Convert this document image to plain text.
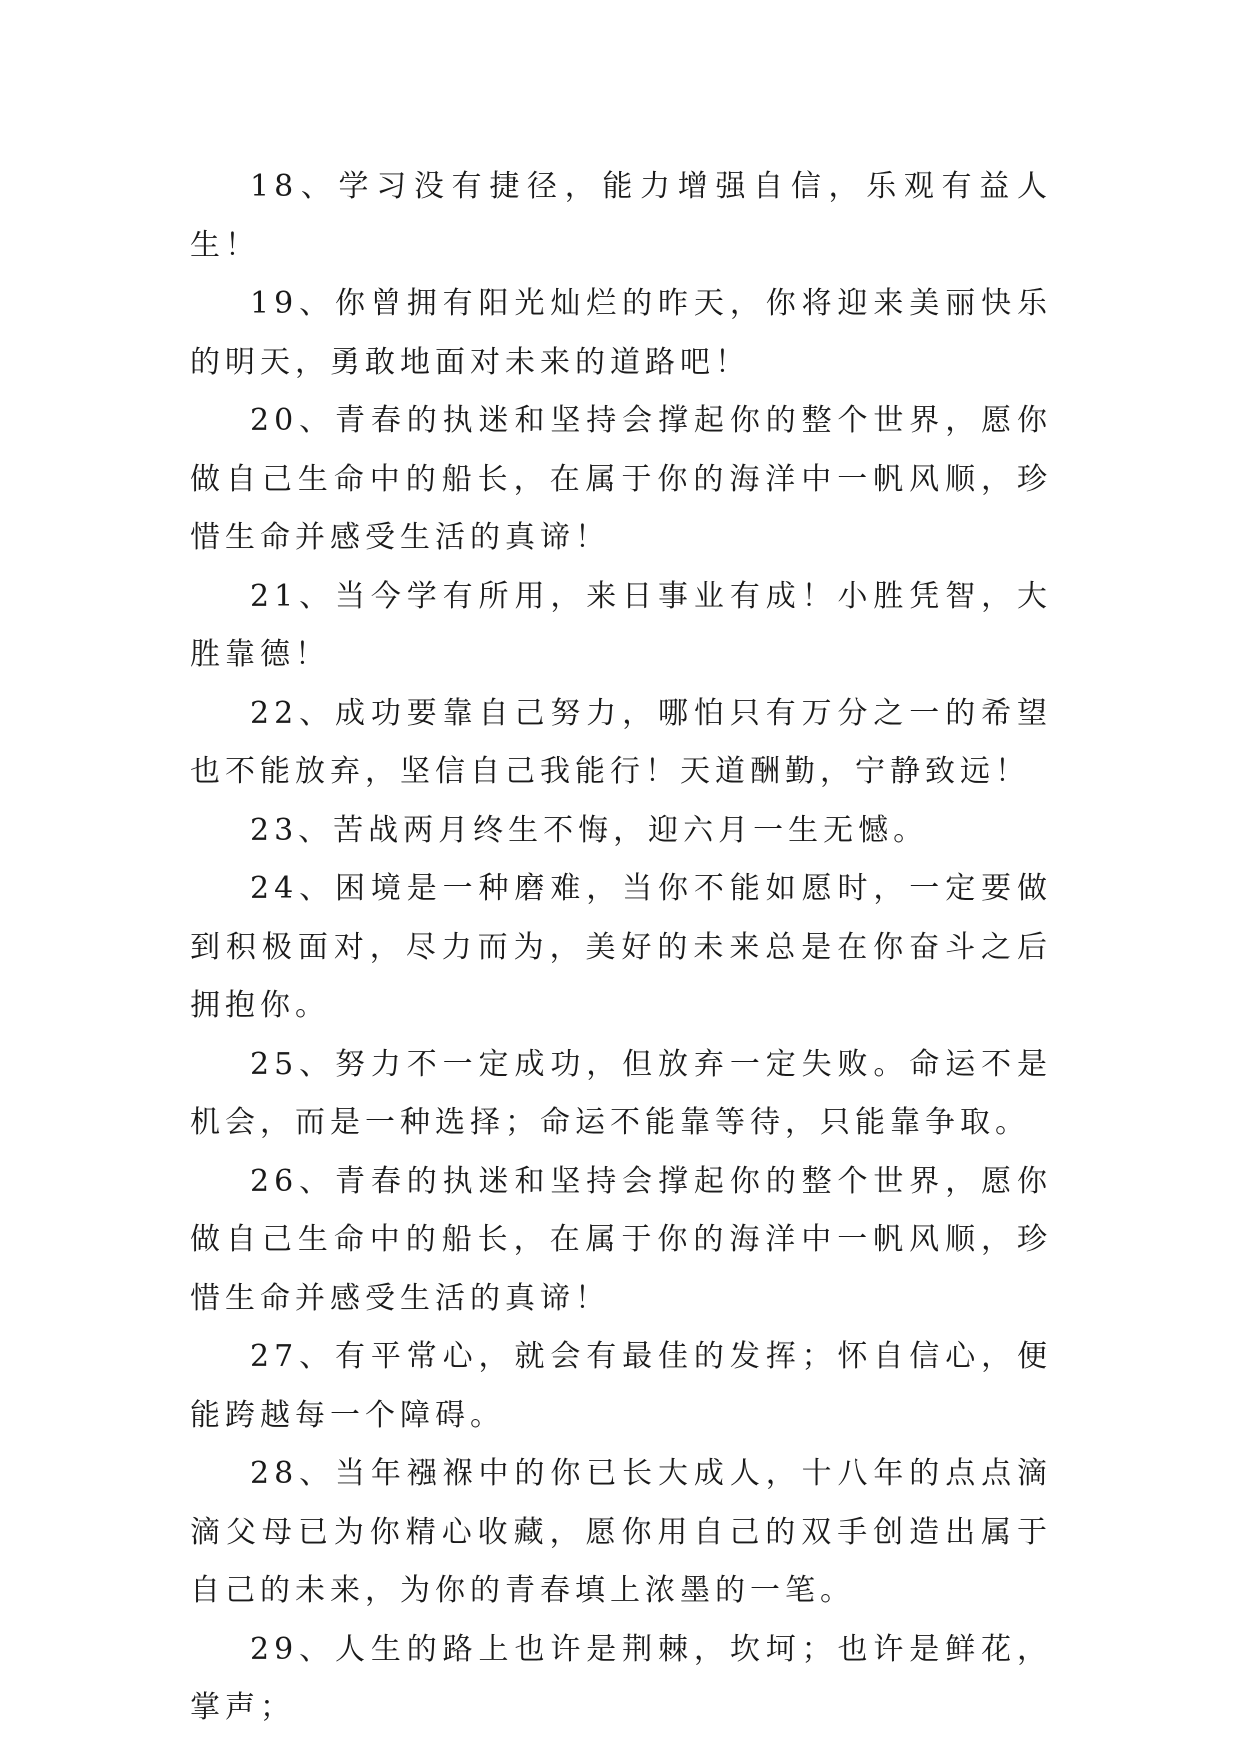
18、学习没有捷径，能力增强自信，乐观有益人生！

19、你曾拥有阳光灿烂的昨天，你将迎来美丽快乐的明天，勇敢地面对未来的道路吧！

20、青春的执迷和坚持会撑起你的整个世界，愿你做自己生命中的船长，在属于你的海洋中一帆风顺，珍惜生命并感受生活的真谛！

21、当今学有所用，来日事业有成！小胜凭智，大胜靠德！

22、成功要靠自己努力，哪怕只有万分之一的希望也不能放弃，坚信自己我能行！天道酬勤，宁静致远！

23、苦战两月终生不悔，迎六月一生无憾。

24、困境是一种磨难，当你不能如愿时，一定要做到积极面对，尽力而为，美好的未来总是在你奋斗之后拥抱你。

25、努力不一定成功，但放弃一定失败。命运不是机会，而是一种选择；命运不能靠等待，只能靠争取。

26、青春的执迷和坚持会撑起你的整个世界，愿你做自己生命中的船长，在属于你的海洋中一帆风顺，珍惜生命并感受生活的真谛！

27、有平常心，就会有最佳的发挥；怀自信心，便能跨越每一个障碍。

28、当年襁褓中的你已长大成人，十八年的点点滴滴父母已为你精心收藏，愿你用自己的双手创造出属于自己的未来，为你的青春填上浓墨的一笔。

29、人生的路上也许是荆棘，坎坷；也许是鲜花，掌声；
